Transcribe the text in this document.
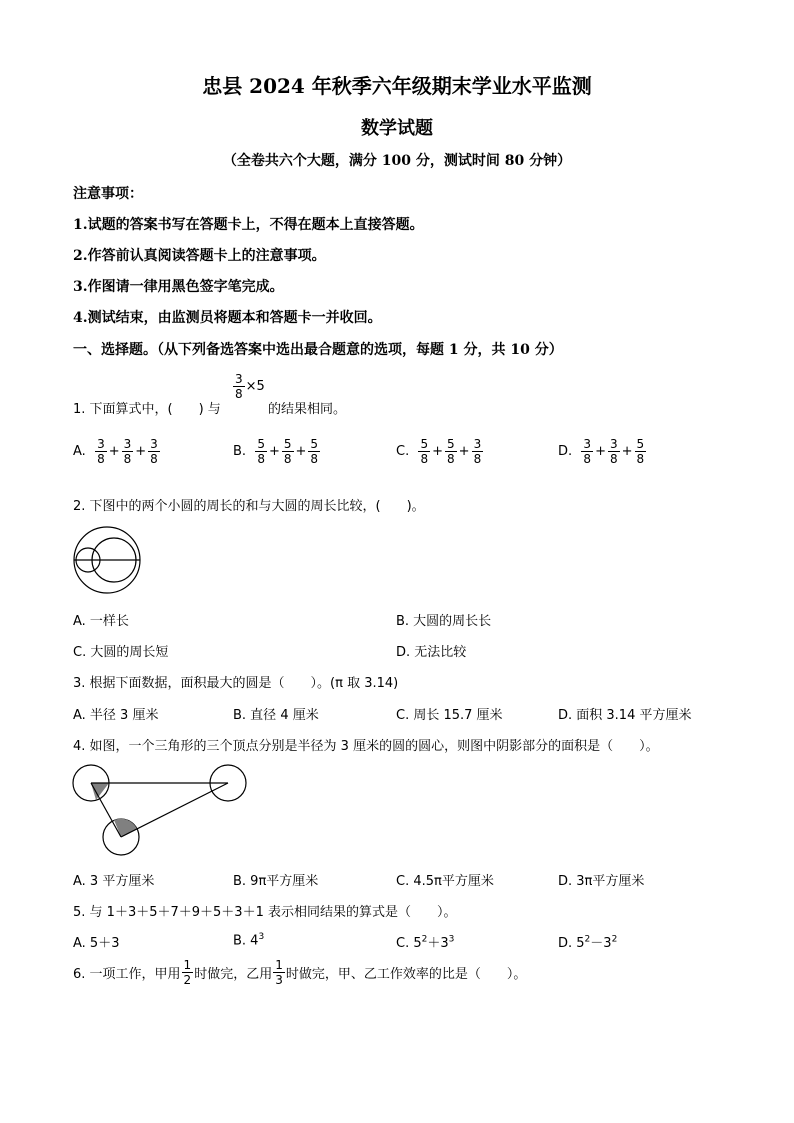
忠县 2024 年秋季六年级期末学业水平监测
数学试题
（全卷共六个大题，满分 100 分，测试时间 80 分钟）
注意事项：
1.试题的答案书写在答题卡上，不得在题本上直接答题。
2.作答前认真阅读答题卡上的注意事项。
3.作图请一律用黑色签字笔完成。
4.测试结束，由监测员将题本和答题卡一并收回。
一、选择题。（从下列备选答案中选出最合题意的选项，每题 1 分，共 10 分）
1. 下面算式中，(　　) 与
$\frac{3}{8} \times 5$
的结果相同。
A.
$\frac{3}{8} + \frac{3}{8} + \frac{3}{8}$	B.
$\frac{5}{8} + \frac{5}{8} + \frac{5}{8}$	C.
$\frac{5}{8} + \frac{5}{8} + \frac{3}{8}$	D.
$\frac{3}{8} + \frac{3}{8} + \frac{5}{8}$
2. 下图中的两个小圆的周长的和与大圆的周长比较，(　　)。
A. 一样长	B. 大圆的周长长
C. 大圆的周长短	D. 无法比较
3. 根据下面数据，面积最大的圆是（　　）。(π 取 3.14)
A. 半径 3 厘米	B. 直径 4 厘米	C. 周长 15.7 厘米	D. 面积 3.14 平方厘米
4. 如图，一个三角形的三个顶点分别是半径为 3 厘米的圆的圆心，则图中阴影部分的面积是（　　）。
A. 3 平方厘米	B. 9π平方厘米	C. 4.5π平方厘米	D. 3π平方厘米
5. 与 1＋3＋5＋7＋9＋5＋3＋1 表示相同结果的算式是（　　）。
A. 5＋3	B. $4^3$	C. $5^2+3^3$	D. $5^2-3^2$
6. 一项工作，甲用 $\frac{1}{2}$ 时做完，乙用 $\frac{1}{3}$ 时做完，甲、乙工作效率的比是（　　）。
